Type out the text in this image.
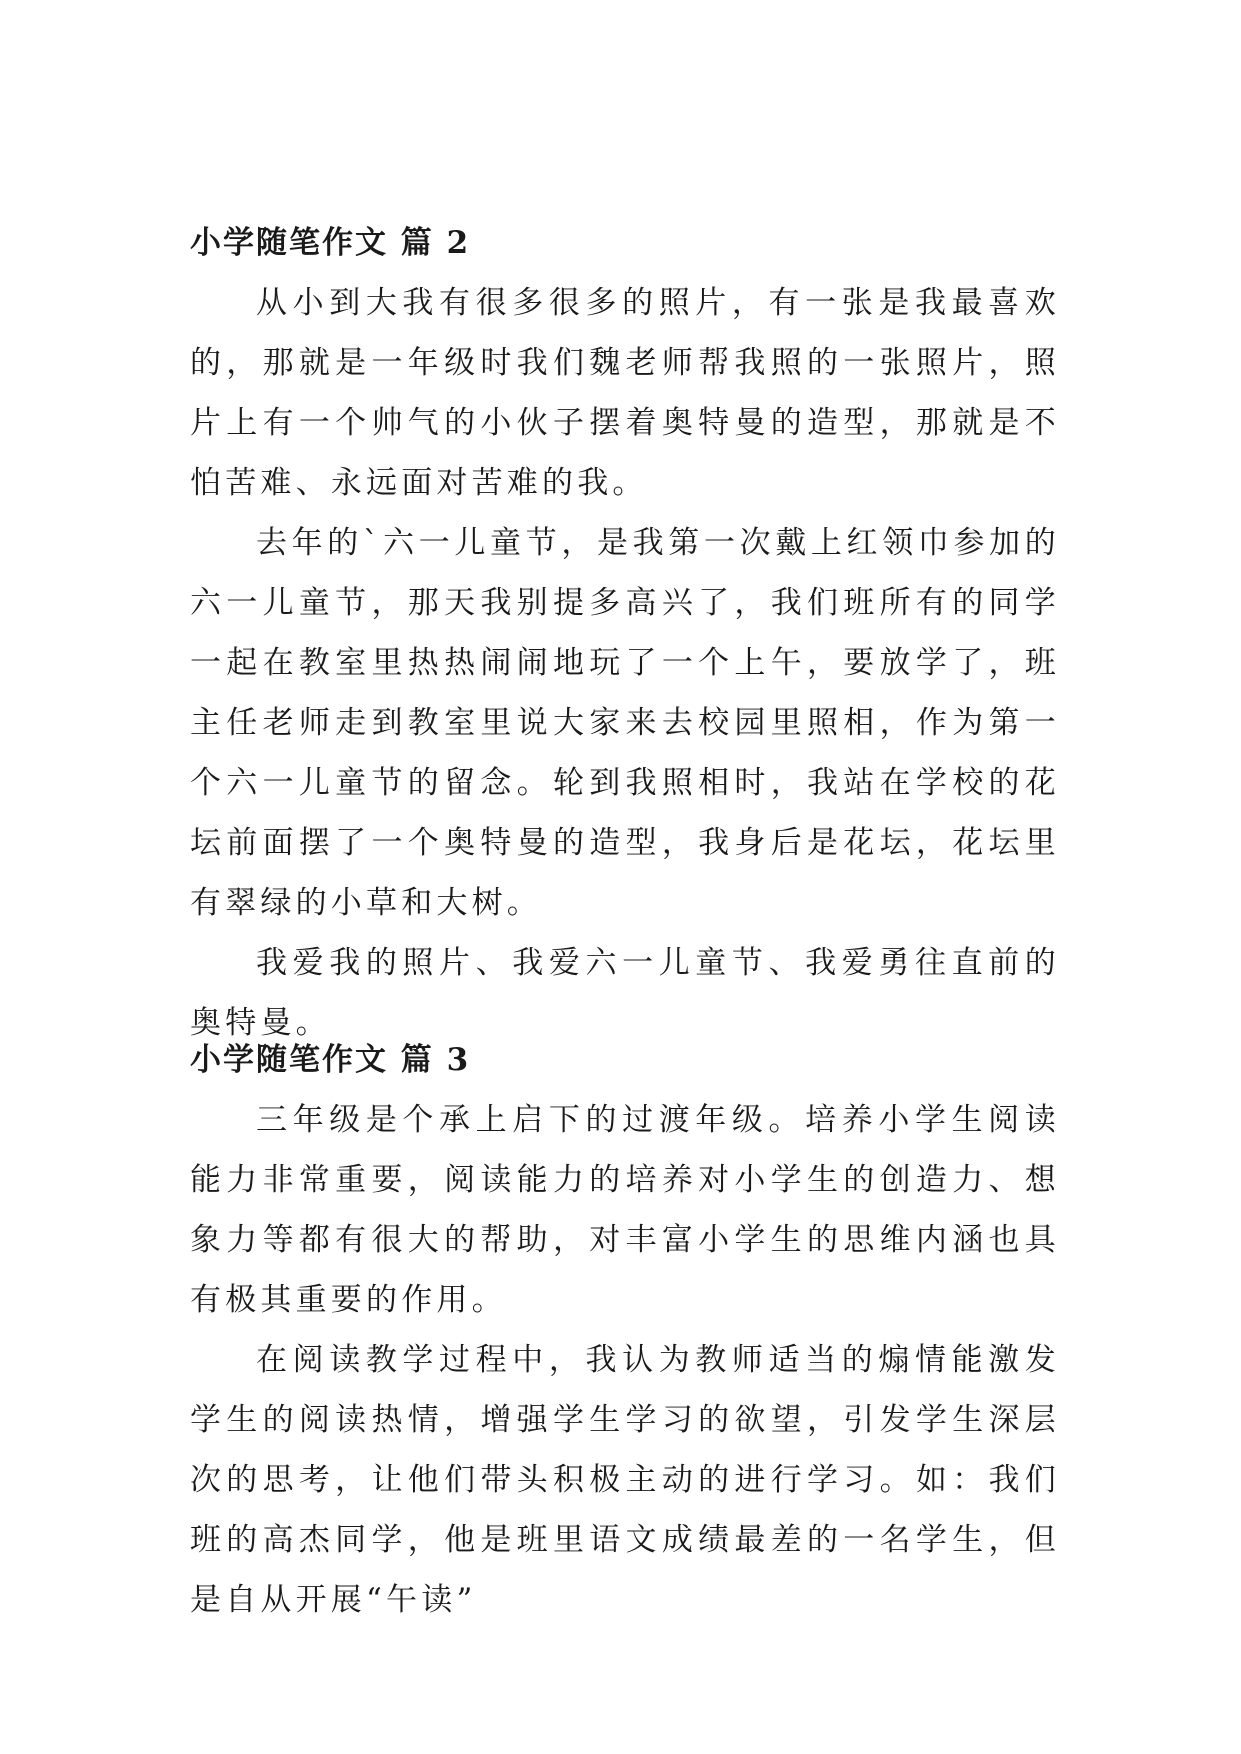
小学随笔作文 篇 2

从小到大我有很多很多的照片，有一张是我最喜欢的，那就是一年级时我们魏老师帮我照的一张照片，照片上有一个帅气的小伙子摆着奥特曼的造型，那就是不怕苦难、永远面对苦难的我。

去年的`六一儿童节，是我第一次戴上红领巾参加的六一儿童节，那天我别提多高兴了，我们班所有的同学一起在教室里热热闹闹地玩了一个上午，要放学了，班主任老师走到教室里说大家来去校园里照相，作为第一个六一儿童节的留念。轮到我照相时，我站在学校的花坛前面摆了一个奥特曼的造型，我身后是花坛，花坛里有翠绿的小草和大树。

我爱我的照片、我爱六一儿童节、我爱勇往直前的奥特曼。

小学随笔作文 篇 3

三年级是个承上启下的过渡年级。培养小学生阅读能力非常重要，阅读能力的培养对小学生的创造力、想象力等都有很大的帮助，对丰富小学生的思维内涵也具有极其重要的作用。

在阅读教学过程中，我认为教师适当的煽情能激发学生的阅读热情，增强学生学习的欲望，引发学生深层次的思考，让他们带头积极主动的进行学习。如：我们班的高杰同学，他是班里语文成绩最差的一名学生，但是自从开展“午读”
